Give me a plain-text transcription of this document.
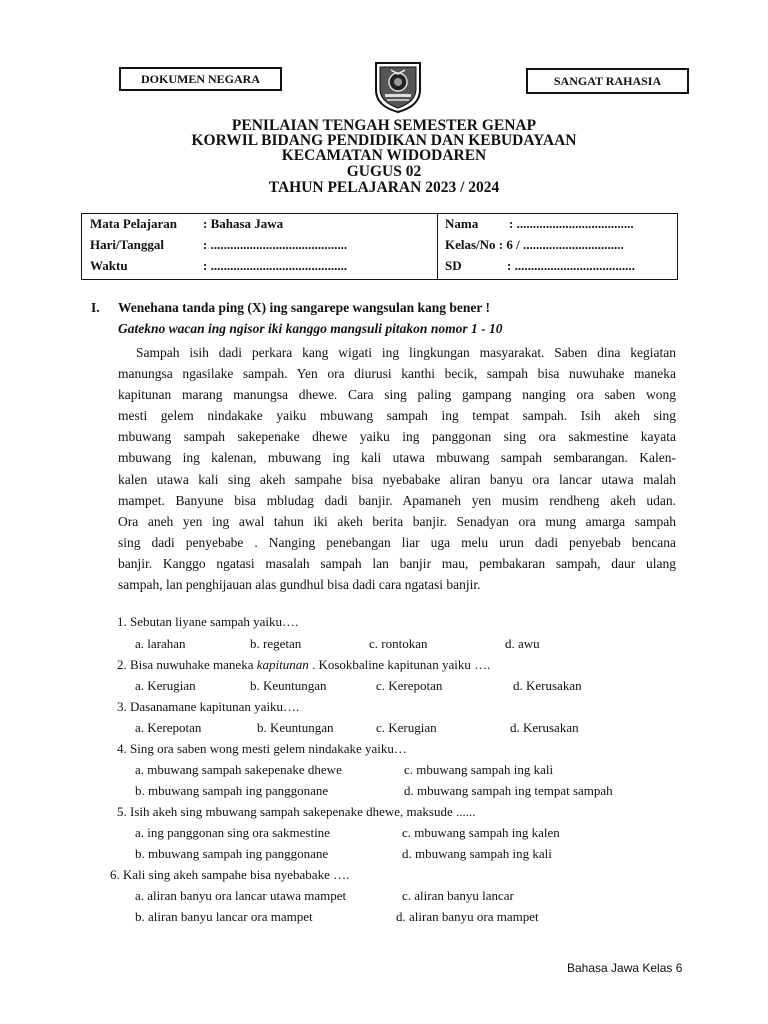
DOKUMEN NEGARA	SANGAT RAHASIA
PENILAIAN TENGAH SEMESTER GENAP
KORWIL BIDANG PENDIDIKAN DAN KEBUDAYAAN
KECAMATAN WIDODAREN
GUGUS 02
TAHUN PELAJARAN 2023 / 2024
Mata Pelajaran : Bahasa Jawa
Hari/Tanggal	: ..........................................
Waktu	: ..........................................
Nama : ....................................
Kelas/No : 6 / ...............................
SD	: .....................................
I. Wenehana tanda ping (X) ing sangarepe wangsulan kang bener !
Gatekno wacan ing ngisor iki kanggo mangsuli pitakon nomor 1 - 10
Sampah isih dadi perkara kang wigati ing lingkungan masyarakat. Saben dina kegiatan
manungsa ngasilake sampah. Yen ora diurusi kanthi becik, sampah bisa nuwuhake maneka
kapitunan marang manungsa dhewe. Cara sing paling gampang nanging ora saben wong
mesti gelem nindakake yaiku mbuwang sampah ing tempat sampah. Isih akeh sing
mbuwang sampah sakepenake dhewe yaiku ing panggonan sing ora sakmestine kayata
mbuwang ing kalenan, mbuwang ing kali utawa mbuwang sampah sembarangan. Kalen-
kalen utawa kali sing akeh sampahe bisa nyebabake aliran banyu ora lancar utawa malah
mampet. Banyune bisa mbludag dadi banjir. Apamaneh yen musim rendheng akeh udan.
Ora aneh yen ing awal tahun iki akeh berita banjir. Senadyan ora mung amarga sampah
sing dadi penyebabe . Nanging penebangan liar uga melu urun dadi penyebab bencana
banjir. Kanggo ngatasi masalah sampah lan banjir mau, pembakaran sampah, daur ulang
sampah, lan penghijauan alas gundhul bisa dadi cara ngatasi banjir.
1. Sebutan liyane sampah yaiku….
a. larahan	b. regetan	c. rontokan	d. awu
2. Bisa nuwuhake maneka kapitunan . Kosokbaline kapitunan yaiku ….
a. Kerugian	b. Keuntungan	c. Kerepotan	d. Kerusakan
3. Dasanamane kapitunan yaiku….
a. Kerepotan	b. Keuntungan	c. Kerugian	d. Kerusakan
4. Sing ora saben wong mesti gelem nindakake yaiku…
a. mbuwang sampah sakepenake dhewe	c. mbuwang sampah ing kali
b. mbuwang sampah ing panggonane	d. mbuwang sampah ing tempat sampah
5. Isih akeh sing mbuwang sampah sakepenake dhewe, maksude ......
a. ing panggonan sing ora sakmestine	c. mbuwang sampah ing kalen
b. mbuwang sampah ing panggonane	d. mbuwang sampah ing kali
6. Kali sing akeh sampahe bisa nyebabake ….
a. aliran banyu ora lancar utawa mampet	c. aliran banyu lancar
b. aliran banyu lancar ora mampet	d. aliran banyu ora mampet
Bahasa Jawa Kelas 6
